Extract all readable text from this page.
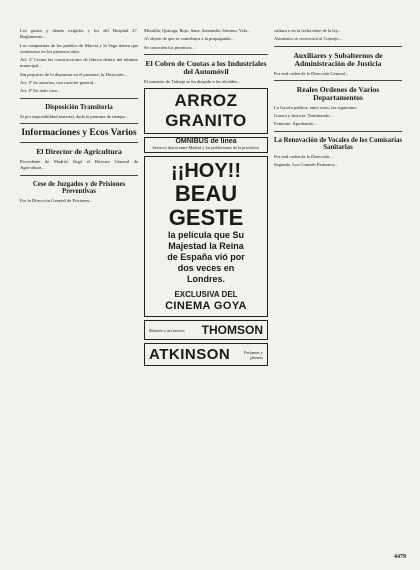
Los gastos y demás exigidos y los del Hospital 27. Reglamento...

Las compuertas de los pueblos de Murcia y la Vega tienen que construirse en los primeros años.

Art. 2º Contra las construcciones de fábrica dentro del término municipal...

Sin perjuicio de lo dispuesto en el presente, la Dirección...

Art. 3º Se autoriza, con carácter general...

Art. 4º En todo caso...

Disposición Transitoria

Si por imposibilidad material, dada la premura de tiempo...

Informaciones y Ecos Varios
El Director de Agricultura

Procedente de Madrid, llegó el Director General de Agricultura...

Cese de Juzgados y de Prisiones Preventivas

Por la Dirección General de Prisiones...

Montilla, Quiroga, Rojo, Sanz, Santander, Serrano, Vela...

Al objeto de que se contribuya a la propaganda...

Se conceden los permisos...

El Cobro de Cuotas a los Industriales del Automóvil

El ministro de Trabajo se ha dirigido a los alcaldes...

ARROZ GRANITO
OMNIBUS de línea
Servicio diario entre Madrid y las poblaciones de la provincia.
¡¡HOY!!
BEAU GESTE
la película que Su
Majestad la Reina
de España vió por
dos veces en
Londres.
EXCLUSIVA DEL
CINEMA GOYA
Motores y accesorios THOMSON
ATKINSON	Perfumes y jabones

cultura o en la fecha tiene de la ley...

Asimismo se convocará al Consejo...

Auxiliares y Subalternos de Administración de Justicia

Por real orden de la Dirección General...

Reales Ordenes de Varios Departamentos

La Gaceta publica, entre otras, las siguientes:

Guerra y Justicia. Nombrando...

Fomento. Aprobando...

La Renovación de Vocales de los Comisarias Sanitarias

Por real orden de la Dirección...

Segundo. Los Comités Paritarios...

4479
